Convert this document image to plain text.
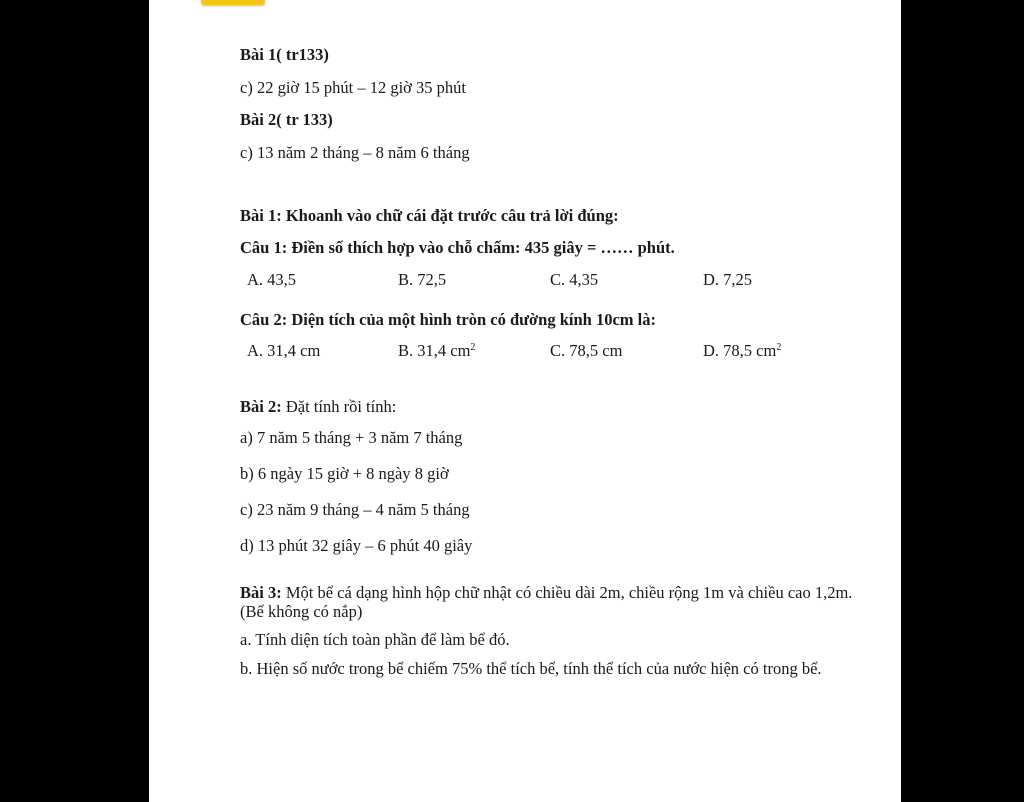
Bài 1( tr133)
c) 22 giờ 15 phút – 12 giờ 35 phút
Bài 2( tr 133)
c) 13 năm 2 tháng – 8 năm 6 tháng
Bài 1: Khoanh vào chữ cái đặt trước câu trả lời đúng:
Câu 1: Điền số thích hợp vào chỗ chấm: 435 giây = …… phút.
A. 43,5	B. 72,5	C. 4,35	D. 7,25
Câu 2: Diện tích của một hình tròn có đường kính 10cm là:
A. 31,4 cm	B. 31,4 $cm^2$	C. 78,5 cm	D. 78,5 $cm^2$
Bài 2: Đặt tính rồi tính:
a) 7 năm 5 tháng + 3 năm 7 tháng
b) 6 ngày 15 giờ + 8 ngày 8 giờ
c) 23 năm 9 tháng – 4 năm 5 tháng
d) 13 phút 32 giây – 6 phút 40 giây
Bài 3: Một bể cá dạng hình hộp chữ nhật có chiều dài 2m, chiều rộng 1m và chiều cao 1,2m. (Bể không có nắp)
a. Tính diện tích toàn phần để làm bể đó.
b. Hiện số nước trong bể chiếm 75% thể tích bể, tính thể tích của nước hiện có trong bể.
